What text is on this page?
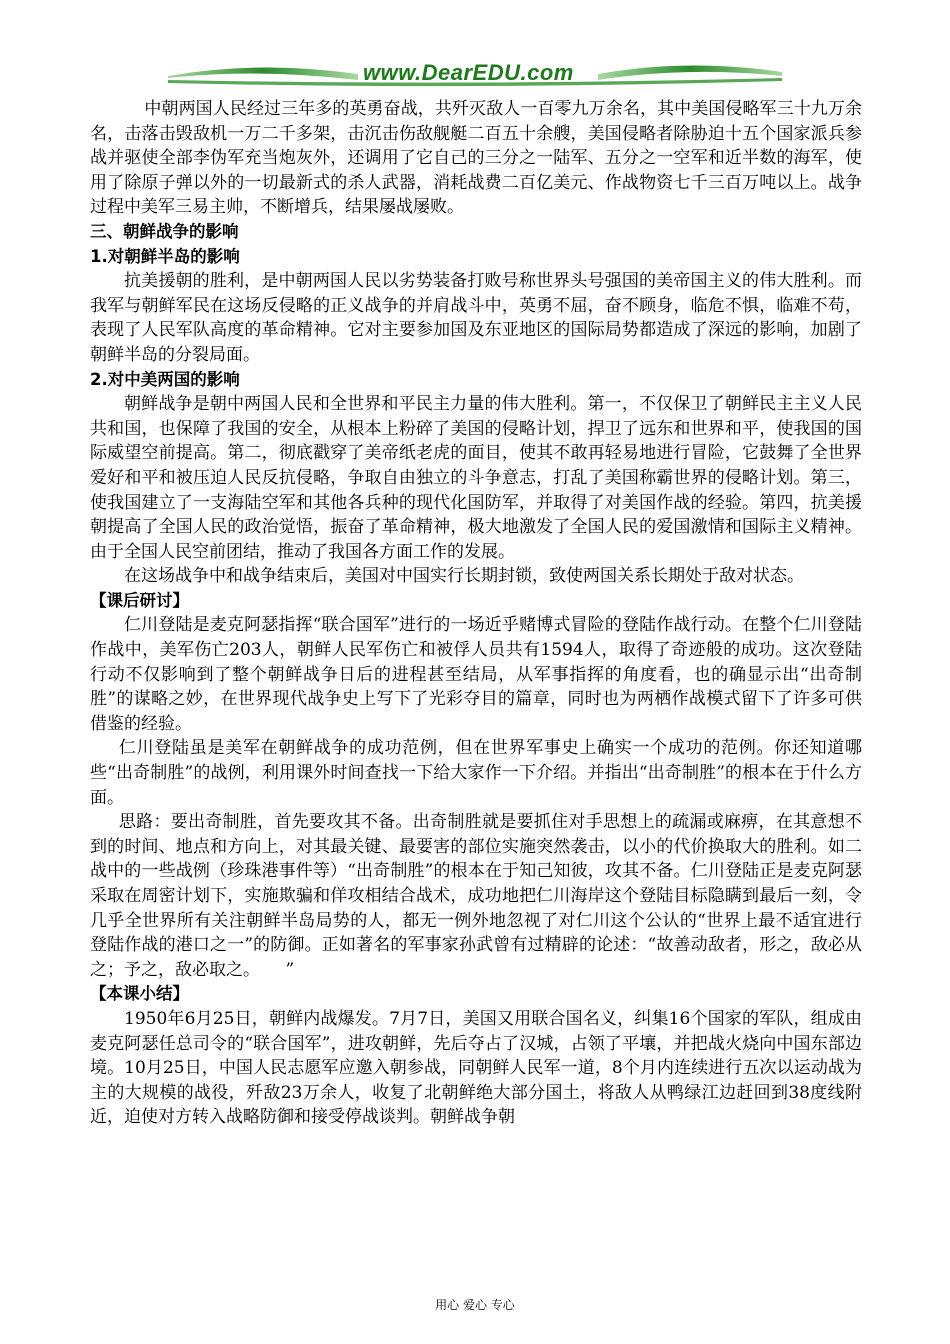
www.DearEDU.com

中朝两国人民经过三年多的英勇奋战，共歼灭敌人一百零九万余名，其中美国侵略军三十九万余名，击落击毁敌机一万二千多架，击沉击伤敌舰艇二百五十余艘，美国侵略者除胁迫十五个国家派兵参战并驱使全部李伪军充当炮灰外，还调用了它自己的三分之一陆军、五分之一空军和近半数的海军，使用了除原子弹以外的一切最新式的杀人武器，消耗战费二百亿美元、作战物资七千三百万吨以上。战争过程中美军三易主帅，不断增兵，结果屡战屡败。

三、朝鲜战争的影响

1.对朝鲜半岛的影响

抗美援朝的胜利，是中朝两国人民以劣势装备打败号称世界头号强国的美帝国主义的伟大胜利。而我军与朝鲜军民在这场反侵略的正义战争的并肩战斗中，英勇不屈，奋不顾身，临危不惧，临难不苟，表现了人民军队高度的革命精神。它对主要参加国及东亚地区的国际局势都造成了深远的影响，加剧了朝鲜半岛的分裂局面。

2.对中美两国的影响

朝鲜战争是朝中两国人民和全世界和平民主力量的伟大胜利。第一，不仅保卫了朝鲜民主主义人民共和国，也保障了我国的安全，从根本上粉碎了美国的侵略计划，捍卫了远东和世界和平，使我国的国际威望空前提高。第二，彻底戳穿了美帝纸老虎的面目，使其不敢再轻易地进行冒险，它鼓舞了全世界爱好和平和被压迫人民反抗侵略，争取自由独立的斗争意志，打乱了美国称霸世界的侵略计划。第三，使我国建立了一支海陆空军和其他各兵种的现代化国防军，并取得了对美国作战的经验。第四，抗美援朝提高了全国人民的政治觉悟，振奋了革命精神，极大地激发了全国人民的爱国激情和国际主义精神。由于全国人民空前团结，推动了我国各方面工作的发展。

在这场战争中和战争结束后，美国对中国实行长期封锁，致使两国关系长期处于敌对状态。

【课后研讨】

仁川登陆是麦克阿瑟指挥“联合国军”进行的一场近乎赌博式冒险的登陆作战行动。在整个仁川登陆作战中，美军伤亡203人，朝鲜人民军伤亡和被俘人员共有1594人，取得了奇迹般的成功。这次登陆行动不仅影响到了整个朝鲜战争日后的进程甚至结局，从军事指挥的角度看，也的确显示出“出奇制胜”的谋略之妙，在世界现代战争史上写下了光彩夺目的篇章，同时也为两栖作战模式留下了许多可供借鉴的经验。

仁川登陆虽是美军在朝鲜战争的成功范例，但在世界军事史上确实一个成功的范例。你还知道哪些“出奇制胜”的战例，利用课外时间查找一下给大家作一下介绍。并指出“出奇制胜”的根本在于什么方面。

思路：要出奇制胜，首先要攻其不备。出奇制胜就是要抓住对手思想上的疏漏或麻痹，在其意想不到的时间、地点和方向上，对其最关键、最要害的部位实施突然袭击，以小的代价换取大的胜利。如二战中的一些战例（珍珠港事件等）“出奇制胜”的根本在于知己知彼，攻其不备。仁川登陆正是麦克阿瑟采取在周密计划下，实施欺骗和佯攻相结合战术，成功地把仁川海岸这个登陆目标隐瞒到最后一刻，令几乎全世界所有关注朝鲜半岛局势的人，都无一例外地忽视了对仁川这个公认的“世界上最不适宜进行登陆作战的港口之一”的防御。正如著名的军事家孙武曾有过精辟的论述：“故善动敌者，形之，敌必从之；予之，敌必取之。　　”

【本课小结】

1950年6月25日，朝鲜内战爆发。7月7日，美国又用联合国名义，纠集16个国家的军队，组成由麦克阿瑟任总司令的“联合国军”，进攻朝鲜，先后夺占了汉城，占领了平壤，并把战火烧向中国东部边境。10月25日，中国人民志愿军应邀入朝参战，同朝鲜人民军一道，8个月内连续进行五次以运动战为主的大规模的战役，歼敌23万余人，收复了北朝鲜绝大部分国土，将敌人从鸭绿江边赶回到38度线附近，迫使对方转入战略防御和接受停战谈判。朝鲜战争朝

用心 爱心 专心
